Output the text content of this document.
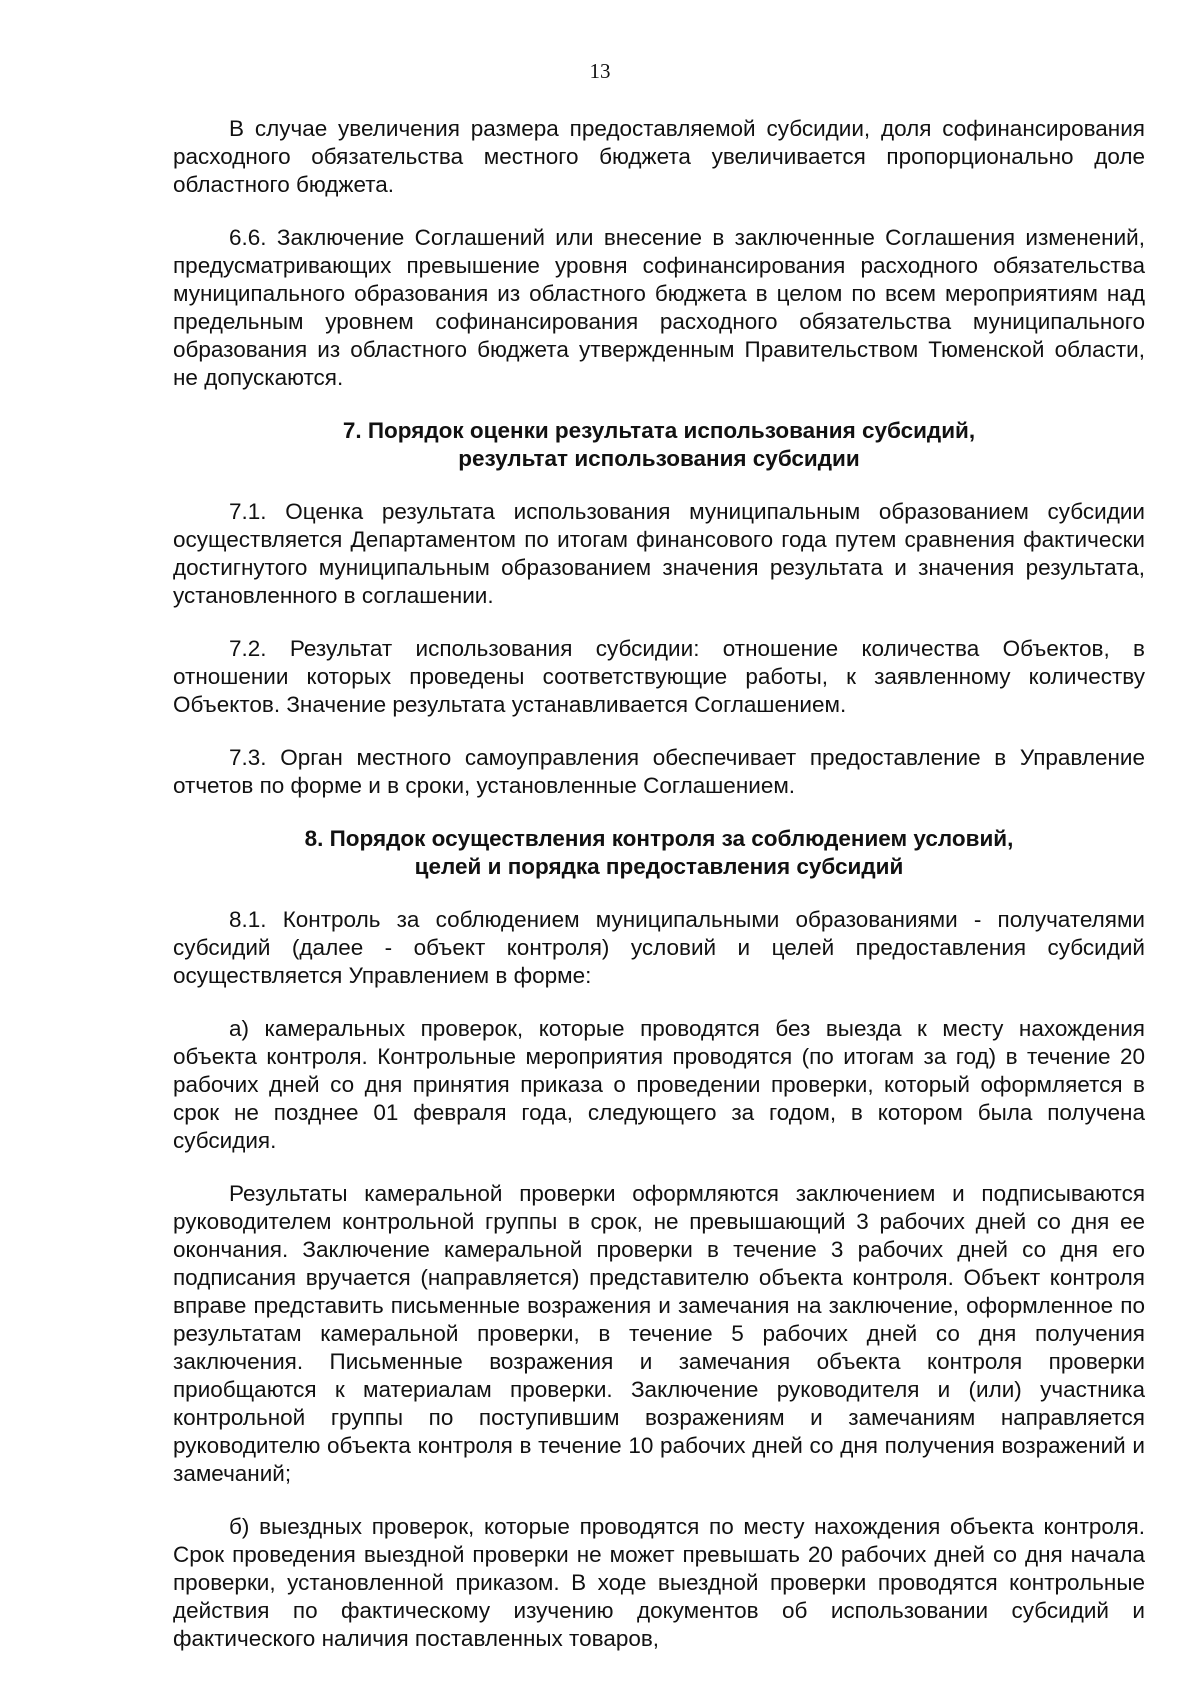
13

В случае увеличения размера предоставляемой субсидии, доля софинансирования расходного обязательства местного бюджета увеличивается пропорционально доле областного бюджета.

6.6. Заключение Соглашений или внесение в заключенные Соглашения изменений, предусматривающих превышение уровня софинансирования расходного обязательства муниципального образования из областного бюджета в целом по всем мероприятиям над предельным уровнем софинансирования расходного обязательства муниципального образования из областного бюджета утвержденным Правительством Тюменской области, не допускаются.

7. Порядок оценки результата использования субсидий,
результат использования субсидии

7.1. Оценка результата использования муниципальным образованием субсидии осуществляется Департаментом по итогам финансового года путем сравнения фактически достигнутого муниципальным образованием значения результата и значения результата, установленного в соглашении.

7.2. Результат использования субсидии: отношение количества Объектов, в отношении которых проведены соответствующие работы, к заявленному количеству Объектов. Значение результата устанавливается Соглашением.

7.3. Орган местного самоуправления обеспечивает предоставление в Управление отчетов по форме и в сроки, установленные Соглашением.

8. Порядок осуществления контроля за соблюдением условий,
целей и порядка предоставления субсидий

8.1. Контроль за соблюдением муниципальными образованиями - получателями субсидий (далее - объект контроля) условий и целей предоставления субсидий осуществляется Управлением в форме:

а) камеральных проверок, которые проводятся без выезда к месту нахождения объекта контроля. Контрольные мероприятия проводятся (по итогам за год) в течение 20 рабочих дней со дня принятия приказа о проведении проверки, который оформляется в срок не позднее 01 февраля года, следующего за годом, в котором была получена субсидия.

Результаты камеральной проверки оформляются заключением и подписываются руководителем контрольной группы в срок, не превышающий 3 рабочих дней со дня ее окончания. Заключение камеральной проверки в течение 3 рабочих дней со дня его подписания вручается (направляется) представителю объекта контроля. Объект контроля вправе представить письменные возражения и замечания на заключение, оформленное по результатам камеральной проверки, в течение 5 рабочих дней со дня получения заключения. Письменные возражения и замечания объекта контроля проверки приобщаются к материалам проверки. Заключение руководителя и (или) участника контрольной группы по поступившим возражениям и замечаниям направляется руководителю объекта контроля в течение 10 рабочих дней со дня получения возражений и замечаний;

б) выездных проверок, которые проводятся по месту нахождения объекта контроля. Срок проведения выездной проверки не может превышать 20 рабочих дней со дня начала проверки, установленной приказом. В ходе выездной проверки проводятся контрольные действия по фактическому изучению документов об использовании субсидий и фактического наличия поставленных товаров,
